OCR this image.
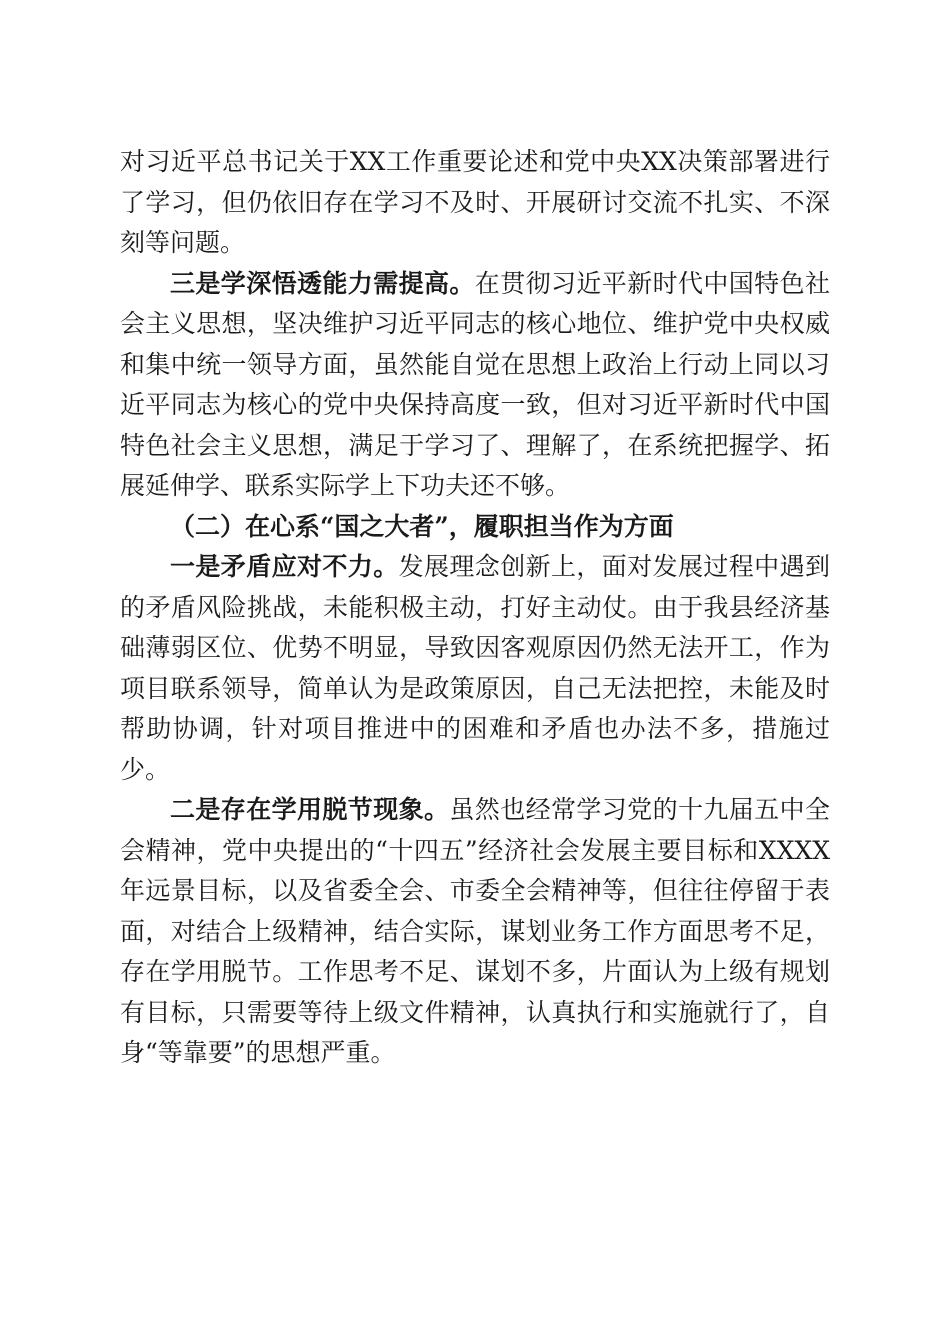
对习近平总书记关于XX工作重要论述和党中央XX决策部署进行了学习，但仍依旧存在学习不及时、开展研讨交流不扎实、不深刻等问题。

三是学深悟透能力需提高。在贯彻习近平新时代中国特色社会主义思想，坚决维护习近平同志的核心地位、维护党中央权威和集中统一领导方面，虽然能自觉在思想上政治上行动上同以习近平同志为核心的党中央保持高度一致，但对习近平新时代中国特色社会主义思想，满足于学习了、理解了，在系统把握学、拓展延伸学、联系实际学上下功夫还不够。

（二）在心系“国之大者”，履职担当作为方面

一是矛盾应对不力。发展理念创新上，面对发展过程中遇到的矛盾风险挑战，未能积极主动，打好主动仗。由于我县经济基础薄弱区位、优势不明显，导致因客观原因仍然无法开工，作为项目联系领导，简单认为是政策原因，自己无法把控，未能及时帮助协调，针对项目推进中的困难和矛盾也办法不多，措施过少。

二是存在学用脱节现象。虽然也经常学习党的十九届五中全会精神，党中央提出的“十四五”经济社会发展主要目标和XXXX年远景目标，以及省委全会、市委全会精神等，但往往停留于表面，对结合上级精神，结合实际，谋划业务工作方面思考不足，存在学用脱节。工作思考不足、谋划不多，片面认为上级有规划有目标，只需要等待上级文件精神，认真执行和实施就行了，自身“等靠要”的思想严重。
